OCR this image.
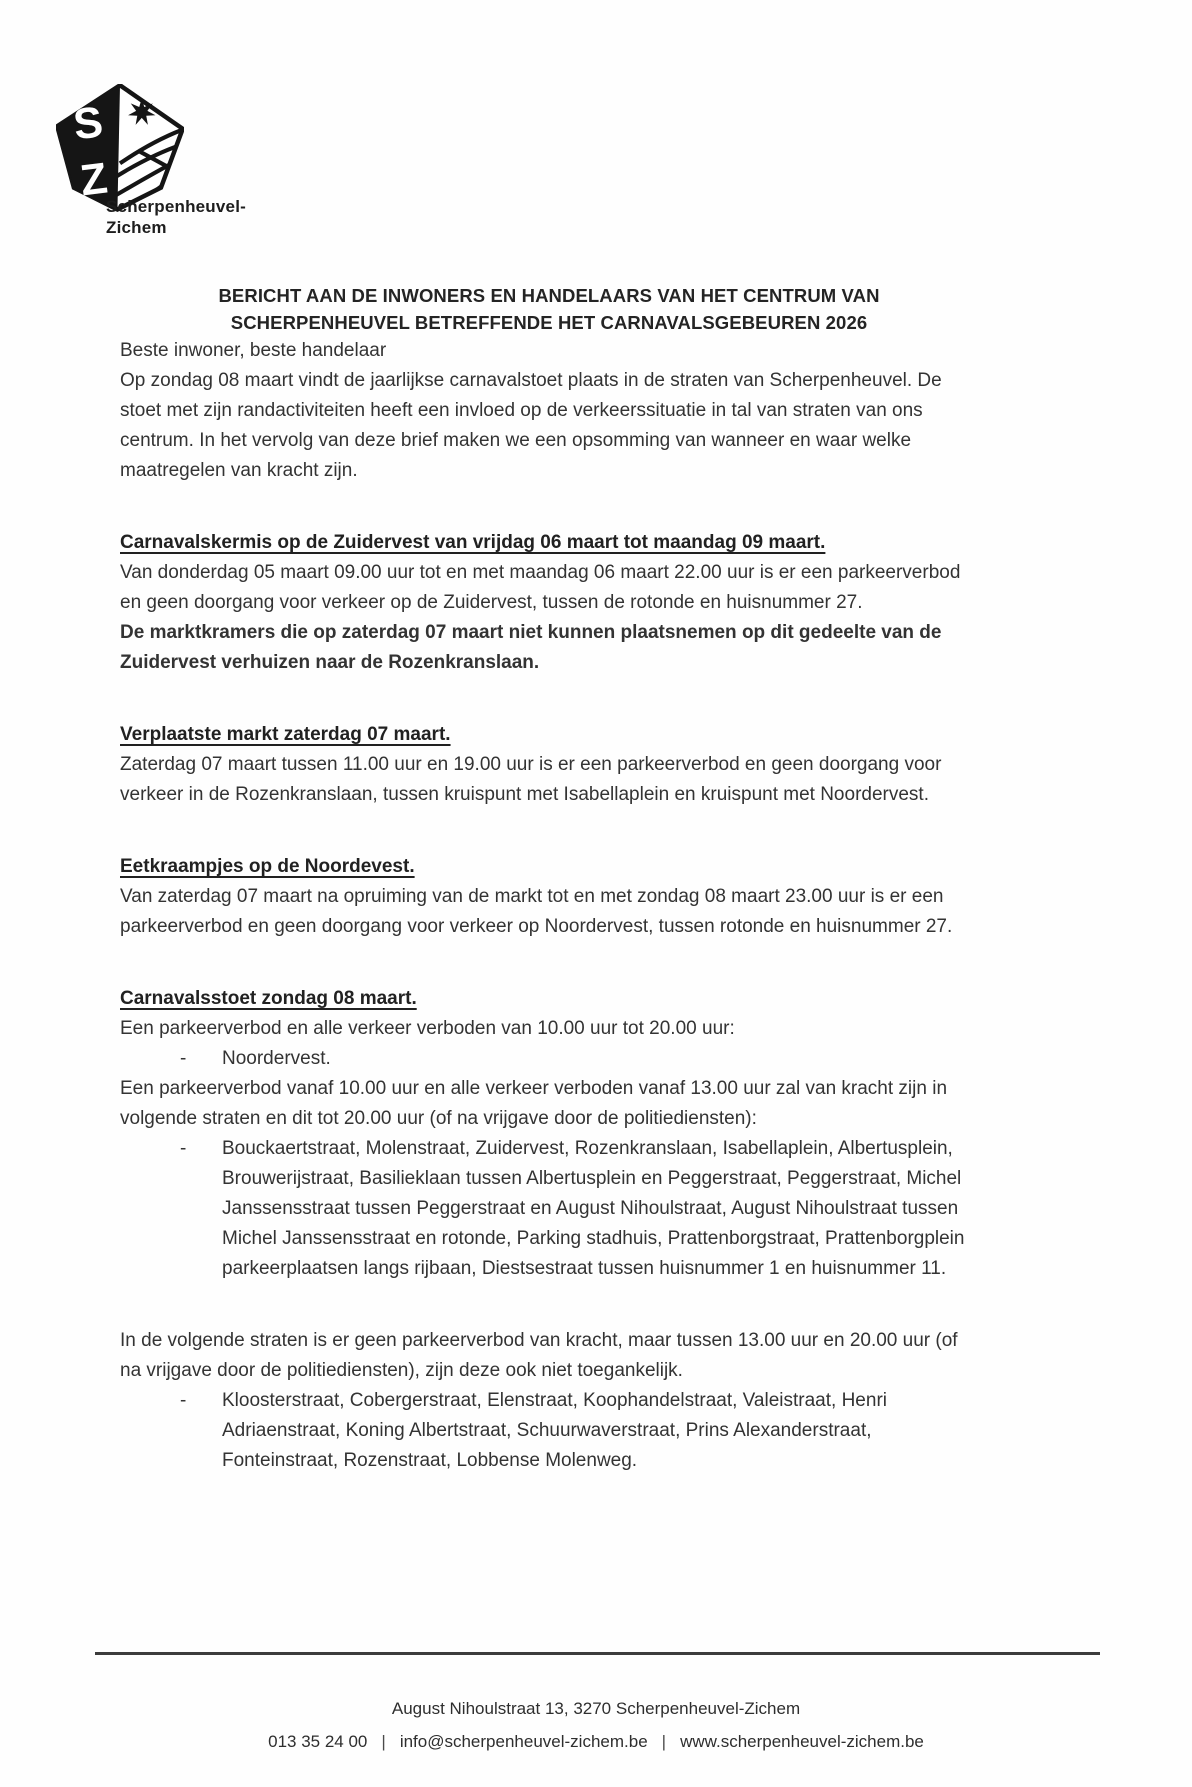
S
Z
Scherpenheuvel-
Zichem
BERICHT AAN DE INWONERS EN HANDELAARS VAN HET CENTRUM VAN
SCHERPENHEUVEL BETREFFENDE HET CARNAVALSGEBEUREN 2026

Beste inwoner, beste handelaar

Op zondag 08 maart vindt de jaarlijkse carnavalstoet plaats in de straten van Scherpenheuvel. De stoet met zijn randactiviteiten heeft een invloed op de verkeerssituatie in tal van straten van ons centrum. In het vervolg van deze brief maken we een opsomming van wanneer en waar welke maatregelen van kracht zijn.

Carnavalskermis op de Zuidervest van vrijdag 06 maart tot maandag 09 maart.

Van donderdag 05 maart 09.00 uur tot en met maandag 06 maart 22.00 uur is er een parkeerverbod en geen doorgang voor verkeer op de Zuidervest, tussen de rotonde en huisnummer 27.

De marktkramers die op zaterdag 07 maart niet kunnen plaatsnemen op dit gedeelte van de Zuidervest verhuizen naar de Rozenkranslaan.

Verplaatste markt zaterdag 07 maart.

Zaterdag 07 maart tussen 11.00 uur en 19.00 uur is er een parkeerverbod en geen doorgang voor verkeer in de Rozenkranslaan, tussen kruispunt met Isabellaplein en kruispunt met Noordervest.

Eetkraampjes op de Noordevest.

Van zaterdag 07 maart na opruiming van de markt tot en met zondag 08 maart 23.00 uur is er een parkeerverbod en geen doorgang voor verkeer op Noordervest, tussen rotonde en huisnummer 27.

Carnavalsstoet zondag 08 maart.

Een parkeerverbod en alle verkeer verboden van 10.00 uur tot 20.00 uur:

-	Noordervest.

Een parkeerverbod vanaf 10.00 uur en alle verkeer verboden vanaf 13.00 uur zal van kracht zijn in volgende straten en dit tot 20.00 uur (of na vrijgave door de politiediensten):

-	Bouckaertstraat, Molenstraat, Zuidervest, Rozenkranslaan, Isabellaplein, Albertusplein, Brouwerijstraat, Basilieklaan tussen Albertusplein en Peggerstraat, Peggerstraat, Michel Janssensstraat tussen Peggerstraat en August Nihoulstraat, August Nihoulstraat tussen Michel Janssensstraat en rotonde, Parking stadhuis, Prattenborgstraat, Prattenborgplein parkeerplaatsen langs rijbaan, Diestsestraat tussen huisnummer 1 en huisnummer 11.

In de volgende straten is er geen parkeerverbod van kracht, maar tussen 13.00 uur en 20.00 uur (of na vrijgave door de politiediensten), zijn deze ook niet toegankelijk.

-	Kloosterstraat, Cobergerstraat, Elenstraat, Koophandelstraat, Valeistraat, Henri Adriaenstraat, Koning Albertstraat, Schuurwaverstraat, Prins Alexanderstraat, Fonteinstraat, Rozenstraat, Lobbense Molenweg.
August Nihoulstraat 13, 3270 Scherpenheuvel-Zichem
013 35 24 00 | info@scherpenheuvel-zichem.be | www.scherpenheuvel-zichem.be
